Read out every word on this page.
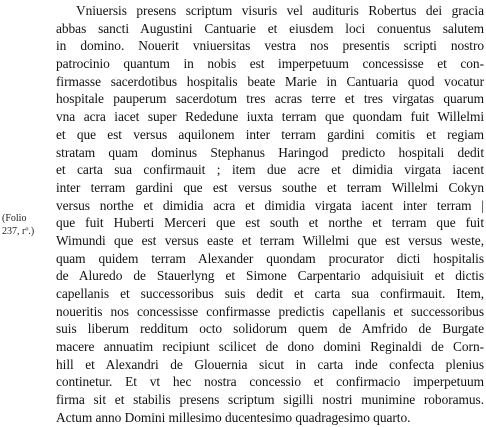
(Folio
237, rº.)
Vniuersis presens scriptum visuris vel audituris Robertus dei gracia
abbas sancti Augustini Cantuarie et eiusdem loci conuentus salutem
in domino. Nouerit vniuersitas vestra nos presentis scripti nostro
patrocinio quantum in nobis est imperpetuum concessisse et con-
firmasse sacerdotibus hospitalis beate Marie in Cantuaria quod vocatur
hospitale pauperum sacerdotum tres acras terre et tres virgatas quarum
vna acra iacet super Rededune iuxta terram que quondam fuit Willelmi
et que est versus aquilonem inter terram gardini comitis et regiam
stratam quam dominus Stephanus Haringod predicto hospitali dedit
et carta sua confirmauit ; item due acre et dimidia virgata iacent
inter terram gardini que est versus southe et terram Willelmi Cokyn
versus northe et dimidia acra et dimidia virgata iacent inter terram |
que fuit Huberti Merceri que est south et northe et terram que fuit
Wimundi que est versus easte et terram Willelmi que est versus weste,
quam quidem terram Alexander quondam procurator dicti hospitalis
de Aluredo de Stauerlyng et Simone Carpentario adquisiuit et dictis
capellanis et successoribus suis dedit et carta sua confirmauit. Item,
noueritis nos concessisse confirmasse predictis capellanis et successoribus
suis liberum redditum octo solidorum quem de Amfrido de Burgate
macere annuatim recipiunt scilicet de dono domini Reginaldi de Corn-
hill et Alexandri de Glouernia sicut in carta inde confecta plenius
continetur. Et vt hec nostra concessio et confirmacio imperpetuum
firma sit et stabilis presens scriptum sigilli nostri munimine roboramus.
Actum anno Domini millesimo ducentesimo quadragesimo quarto.
